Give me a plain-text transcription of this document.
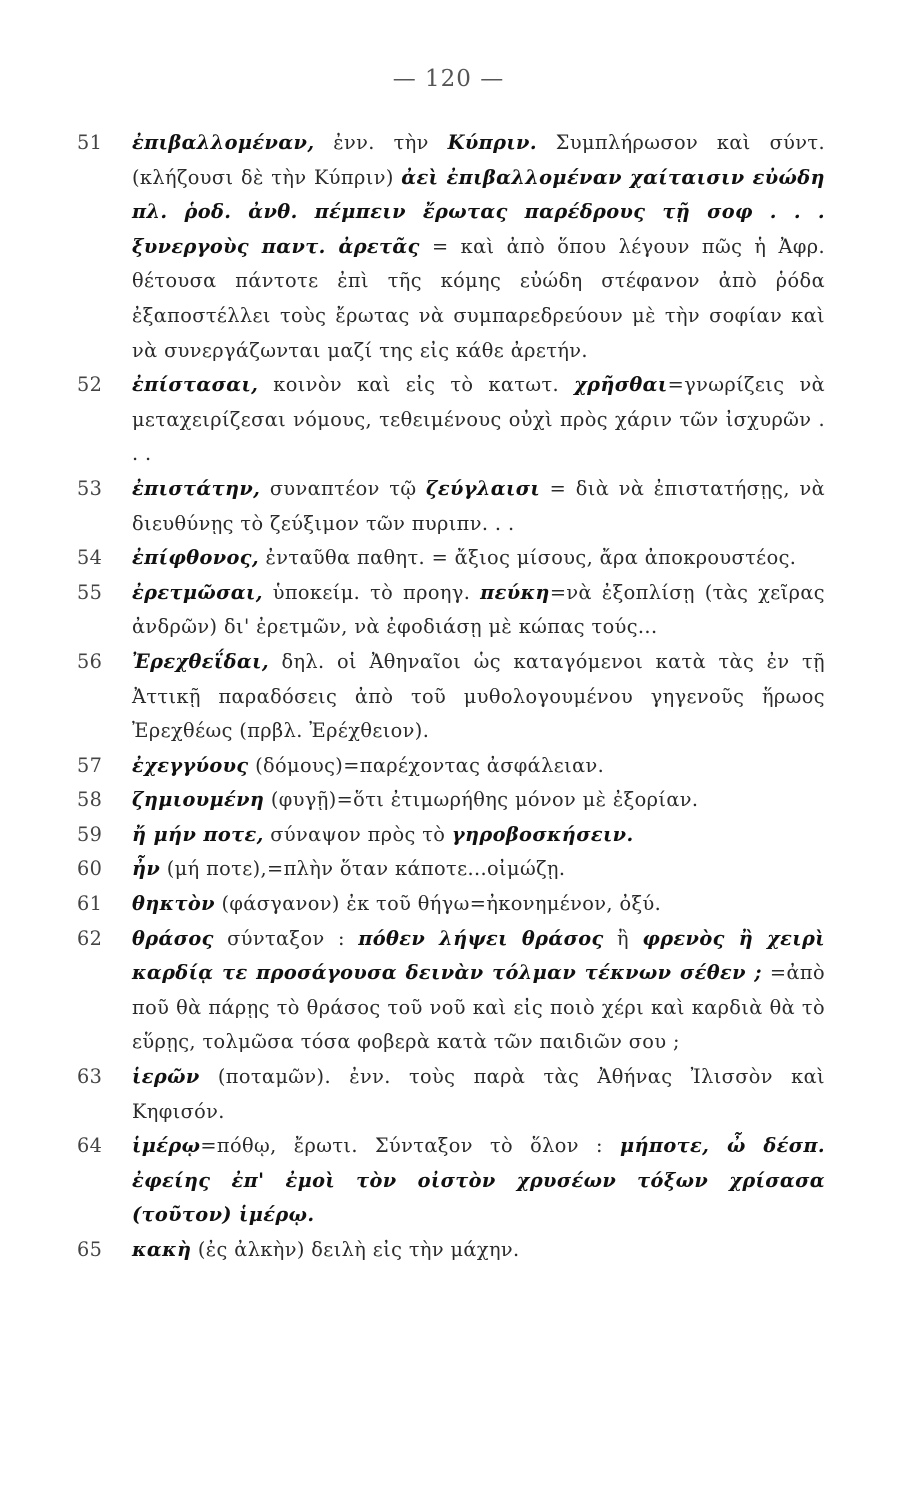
— 120 —
51 ἐπιβαλλομέναν, ἐνν. τὴν Κύπριν. Συμπλήρωσον καὶ σύντ. (κλήζουσι δὲ τὴν Κύπριν) ἀεὶ ἐπιβαλλομέναν χαίταισιν εὐώδη πλ. ῥοδ. ἀνθ. πέμπειν ἔρωτας παρέδρους τῇ σοφ . . . ξυνεργοὺς παντ. ἀρετᾶς = καὶ ἀπὸ ὅπου λέγουν πῶς ἡ Ἀφρ. θέτουσα πάντοτε ἐπὶ τῆς κόμης εὐώδη στέφανον ἀπὸ ῥόδα ἐξαποστέλλει τοὺς ἔρωτας νὰ συμπαρεδρεύουν μὲ τὴν σοφίαν καὶ νὰ συνεργάζωνται μαζί της εἰς κάθε ἀρετήν.
52 ἐπίστασαι, κοινὸν καὶ εἰς τὸ κατωτ. χρῆσθαι=γνωρίζεις νὰ μεταχειρίζεσαι νόμους, τεθειμένους οὐχὶ πρὸς χάριν τῶν ἰσχυρῶν . . .
53 ἐπιστάτην, συναπτέον τῷ ζεύγλαισι = διὰ νὰ ἐπιστατήσῃς, νὰ διευθύνῃς τὸ ζεύξιμον τῶν πυριπν. . .
54 ἐπίφθονος, ἐνταῦθα παθητ. = ἄξιος μίσους, ἄρα ἀποκρουστέος.
55 ἐρετμῶσαι, ὑποκείμ. τὸ προηγ. πεύκη=νὰ ἐξοπλίσῃ (τὰς χεῖρας ἀνδρῶν) δι' ἐρετμῶν, νὰ ἐφοδιάσῃ μὲ κώπας τούς...
56 Ἐρεχθεΐδαι, δηλ. οἱ Ἀθηναῖοι ὡς καταγόμενοι κατὰ τὰς ἐν τῇ Ἀττικῇ παραδόσεις ἀπὸ τοῦ μυθολογουμένου γηγενοῦς ἥρωος Ἐρεχθέως (πρβλ. Ἐρέχθειον).
57 ἐχεγγύους (δόμους)=παρέχοντας ἀσφάλειαν.
58 ζημιουμένη (φυγῇ)=ὅτι ἐτιμωρήθης μόνον μὲ ἐξορίαν.
59 ἤ μήν ποτε, σύναψον πρὸς τὸ γηροβοσκήσειν.
60 ἦν (μή ποτε),=πλὴν ὅταν κάποτε...οἰμώζῃ.
61 θηκτὸν (φάσγανον) ἐκ τοῦ θήγω=ἠκονημένον, ὀξύ.
62 θράσος σύνταξον : πόθεν λήψει θράσος ἢ φρενὸς ἢ χειρὶ καρδίᾳ τε προσάγουσα δεινὰν τόλμαν τέκνων σέθεν ; =ἀπὸ ποῦ θὰ πάρῃς τὸ θράσος τοῦ νοῦ καὶ εἰς ποιὸ χέρι καὶ καρδιὰ θὰ τὸ εὕρῃς, τολμῶσα τόσα φοβερὰ κατὰ τῶν παιδιῶν σου ;
63 ἱερῶν (ποταμῶν). ἐνν. τοὺς παρὰ τὰς Ἀθήνας Ἰλισσὸν καὶ Κηφισόν.
64 ἱμέρῳ=πόθῳ, ἔρωτι. Σύνταξον τὸ ὅλον : μήποτε, ὦ δέσπ. ἐφείης ἐπ' ἐμοὶ τὸν οἰστὸν χρυσέων τόξων χρίσασα (τοῦτον) ἱμέρῳ.
65 κακὴ (ἐς ἀλκὴν) δειλὴ εἰς τὴν μάχην.
